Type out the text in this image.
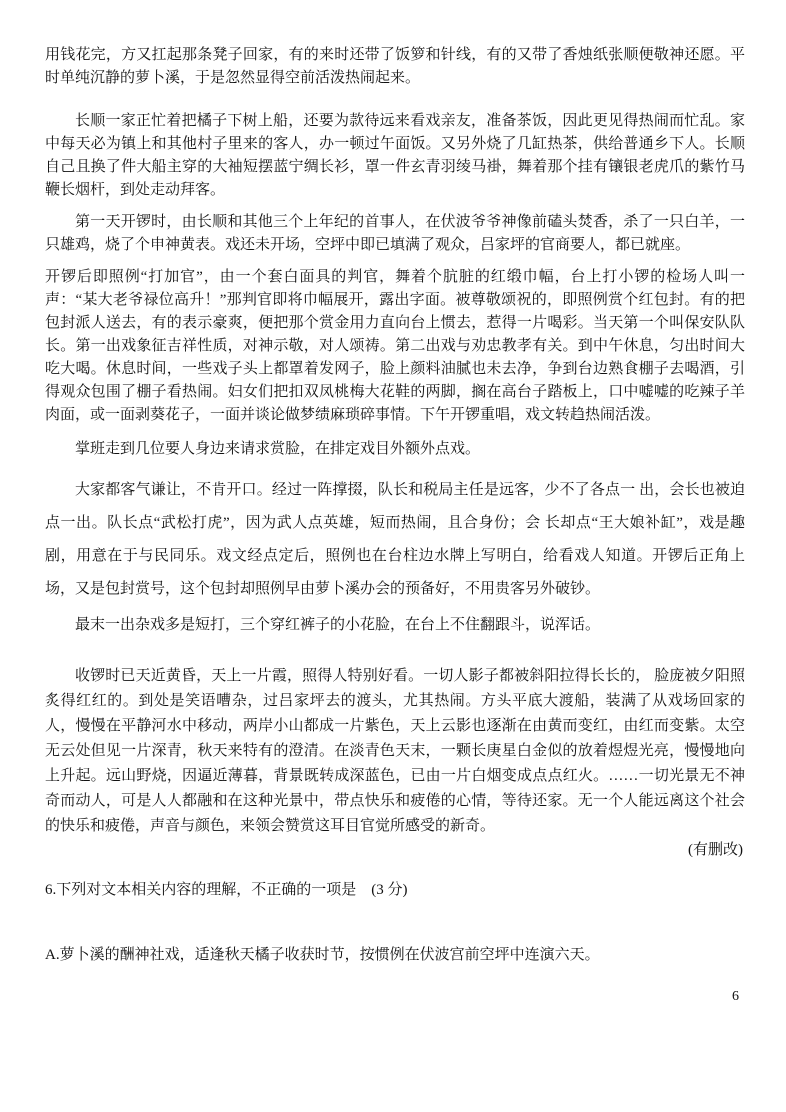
用钱花完，方又扛起那条凳子回家，有的来时还带了饭箩和针线，有的又带了香烛纸张顺便敬神还愿。平时单纯沉静的萝卜溪，于是忽然显得空前活泼热闹起来。

长顺一家正忙着把橘子下树上船，还要为款待远来看戏亲友，准备茶饭，因此更见得热闹而忙乱。家中每天必为镇上和其他村子里来的客人，办一顿过午面饭。又另外烧了几缸热茶，供给普通乡下人。长顺自己且换了件大船主穿的大袖短摆蓝宁绸长衫，罩一件玄青羽绫马褂，舞着那个挂有镶银老虎爪的紫竹马鞭长烟杆，到处走动拜客。

第一天开锣时，由长顺和其他三个上年纪的首事人，在伏波爷爷神像前磕头焚香，杀了一只白羊，一只雄鸡，烧了个申神黄表。戏还未开场，空坪中即已填满了观众，吕家坪的官商要人，都已就座。

开锣后即照例“打加官”，由一个套白面具的判官，舞着个肮脏的红缎巾幅，台上打小锣的检场人叫一声：“某大老爷禄位高升！”那判官即将巾幅展开，露出字面。被尊敬颂祝的，即照例赏个红包封。有的把包封派人送去，有的表示豪爽，便把那个赏金用力直向台上惯去，惹得一片喝彩。当天第一个叫保安队队长。第一出戏象征吉祥性质，对神示敬，对人颂祷。第二出戏与劝忠教孝有关。到中午休息，匀出时间大吃大喝。休息时间，一些戏子头上都罩着发网子，脸上颜料油腻也未去净，争到台边熟食棚子去喝酒，引得观众包围了棚子看热闹。妇女们把扣双凤桃梅大花鞋的两脚，搁在高台子踏板上，口中嘘嘘的吃辣子羊肉面，或一面剥葵花子，一面并谈论做梦绩麻琐碎事情。下午开锣重唱，戏文转趋热闹活泼。

掌班走到几位要人身边来请求赏脸，在排定戏目外额外点戏。

大家都客气谦让，不肯开口。经过一阵撑掇，队长和税局主任是远客，少不了各点一 出，会长也被迫点一出。队长点“武松打虎”，因为武人点英雄，短而热闹，且合身份；会 长却点“王大娘补缸”，戏是趣剧，用意在于与民同乐。戏文经点定后，照例也在台柱边水牌上写明白，给看戏人知道。开锣后正角上场，又是包封赏号，这个包封却照例早由萝卜溪办会的预备好，不用贵客另外破钞。

最末一出杂戏多是短打，三个穿红裤子的小花脸，在台上不住翻跟斗，说浑话。

收锣时已天近黄昏，天上一片霞，照得人特别好看。一切人影子都被斜阳拉得长长的， 脸庞被夕阳照炙得红红的。到处是笑语嘈杂，过吕家坪去的渡头，尤其热闹。方头平底大渡船，装满了从戏场回家的人，慢慢在平静河水中移动，两岸小山都成一片紫色，天上云影也逐渐在由黄而变红，由红而变紫。太空无云处但见一片深青，秋天来特有的澄清。在淡青色天末，一颗长庚星白金似的放着煜煜光亮，慢慢地向上升起。远山野烧，因逼近薄暮，背景既转成深蓝色，已由一片白烟变成点点红火。……一切光景无不神奇而动人，可是人人都融和在这种光景中，带点快乐和疲倦的心情，等待还家。无一个人能远离这个社会的快乐和疲倦，声音与颜色，来领会赞赏这耳目官觉所感受的新奇。

(有删改)

6.下列对文本相关内容的理解，不正确的一项是　(3 分)

A.萝卜溪的酬神社戏，适逢秋天橘子收获时节，按惯例在伏波宫前空坪中连演六天。

6
